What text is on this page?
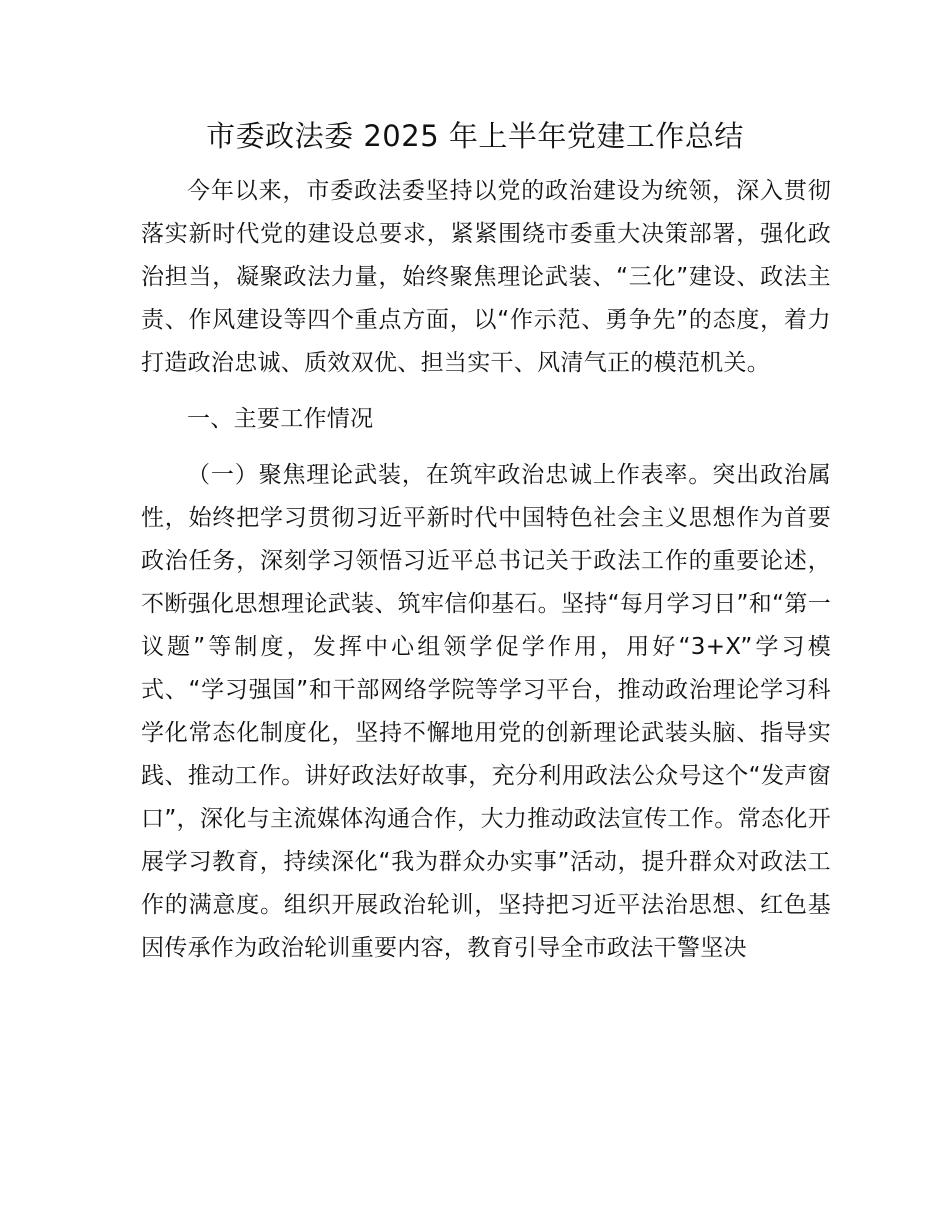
市委政法委 2025 年上半年党建工作总结

今年以来，市委政法委坚持以党的政治建设为统领，深入贯彻落实新时代党的建设总要求，紧紧围绕市委重大决策部署，强化政治担当，凝聚政法力量，始终聚焦理论武装、“三化”建设、政法主责、作风建设等四个重点方面，以“作示范、勇争先”的态度，着力打造政治忠诚、质效双优、担当实干、风清气正的模范机关。

一、主要工作情况

（一）聚焦理论武装，在筑牢政治忠诚上作表率。突出政治属性，始终把学习贯彻习近平新时代中国特色社会主义思想作为首要政治任务，深刻学习领悟习近平总书记关于政法工作的重要论述，不断强化思想理论武装、筑牢信仰基石。坚持“每月学习日”和“第一议题”等制度，发挥中心组领学促学作用，用好“3+X”学习模式、“学习强国”和干部网络学院等学习平台，推动政治理论学习科学化常态化制度化，坚持不懈地用党的创新理论武装头脑、指导实践、推动工作。讲好政法好故事，充分利用政法公众号这个“发声窗口”，深化与主流媒体沟通合作，大力推动政法宣传工作。常态化开展学习教育，持续深化“我为群众办实事”活动，提升群众对政法工作的满意度。组织开展政治轮训，坚持把习近平法治思想、红色基因传承作为政治轮训重要内容，教育引导全市政法干警坚决
